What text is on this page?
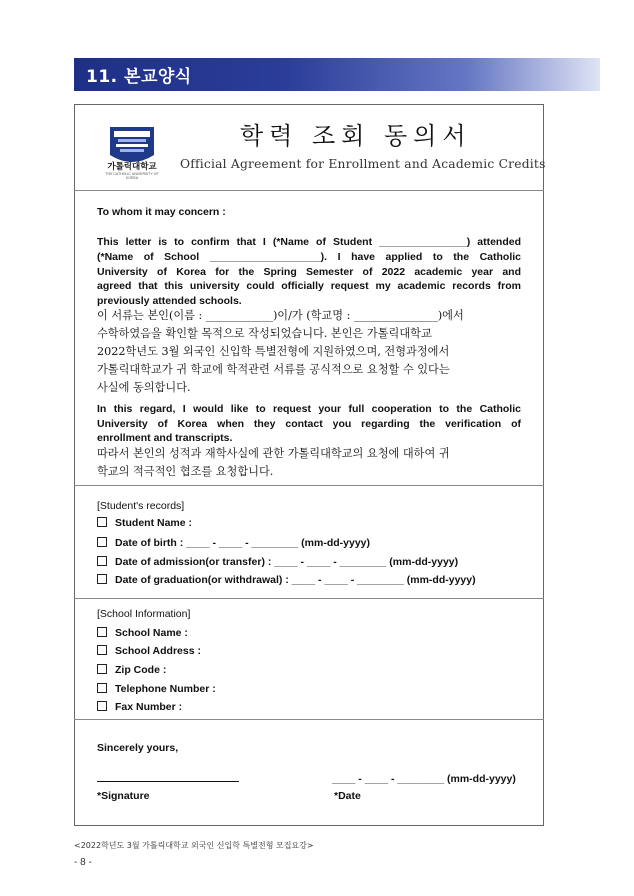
11. 본교양식
가톨릭대학교
THE CATHOLIC UNIVERSITY OF KOREA
학력 조회 동의서
Official Agreement for Enrollment and Academic Credits
To whom it may concern :
This letter is to confirm that I (*Name of Student _______________) attended
(*Name of School ___________________). I have applied to the Catholic
University of Korea for the Spring Semester of 2022 academic year and
agreed that this university could officially request my academic records from
previously attended schools.
이 서류는 본인(이름 : ____________)이/가 (학교명 : _______________)에서
수학하였음을 확인할 목적으로 작성되었습니다. 본인은 가톨릭대학교
2022학년도 3월 외국인 신입학 특별전형에 지원하였으며, 전형과정에서
가톨릭대학교가 귀 학교에 학적관련 서류를 공식적으로 요청할 수 있다는
사실에 동의합니다.
In this regard, I would like to request your full cooperation to the Catholic
University of Korea when they contact you regarding the verification of
enrollment and transcripts.
따라서 본인의 성적과 재학사실에 관한 가톨릭대학교의 요청에 대하여 귀
학교의 적극적인 협조를 요청합니다.
[Student's records]
Student Name :
Date of birth : ____ - ____ - ________ (mm-dd-yyyy)
Date of admission(or transfer) : ____ - ____ - ________ (mm-dd-yyyy)
Date of graduation(or withdrawal) : ____ - ____ - ________ (mm-dd-yyyy)
[School Information]
School Name :
School Address :
Zip Code :
Telephone Number :
Fax Number :
Sincerely yours,
____ - ____ - ________ (mm-dd-yyyy)
*Signature	*Date
<2022학년도 3월 가톨릭대학교 외국인 신입학 특별전형 모집요강>
- 8 -
